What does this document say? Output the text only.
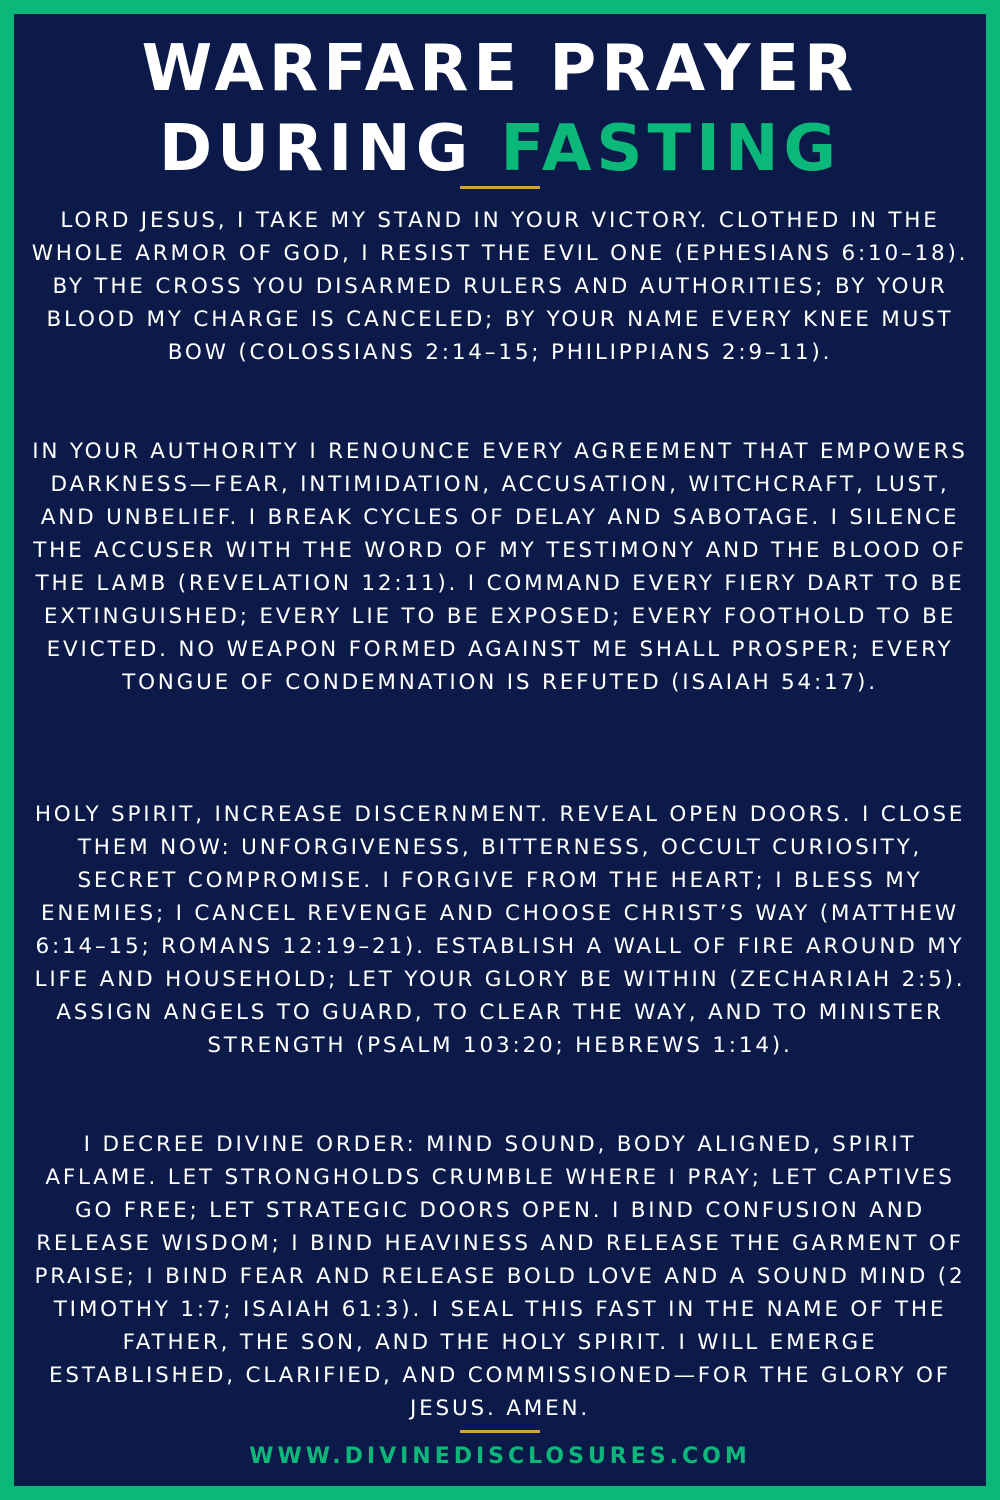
WARFARE PRAYER
DURING FASTING

LORD JESUS, I TAKE MY STAND IN YOUR VICTORY. CLOTHED IN THE WHOLE ARMOR OF GOD, I RESIST THE EVIL ONE (EPHESIANS 6:10–18). BY THE CROSS YOU DISARMED RULERS AND AUTHORITIES; BY YOUR BLOOD MY CHARGE IS CANCELED; BY YOUR NAME EVERY KNEE MUST BOW (COLOSSIANS 2:14–15; PHILIPPIANS 2:9–11).

IN YOUR AUTHORITY I RENOUNCE EVERY AGREEMENT THAT EMPOWERS DARKNESS—FEAR, INTIMIDATION, ACCUSATION, WITCHCRAFT, LUST, AND UNBELIEF. I BREAK CYCLES OF DELAY AND SABOTAGE. I SILENCE THE ACCUSER WITH THE WORD OF MY TESTIMONY AND THE BLOOD OF THE LAMB (REVELATION 12:11). I COMMAND EVERY FIERY DART TO BE EXTINGUISHED; EVERY LIE TO BE EXPOSED; EVERY FOOTHOLD TO BE EVICTED. NO WEAPON FORMED AGAINST ME SHALL PROSPER; EVERY TONGUE OF CONDEMNATION IS REFUTED (ISAIAH 54:17).

HOLY SPIRIT, INCREASE DISCERNMENT. REVEAL OPEN DOORS. I CLOSE THEM NOW: UNFORGIVENESS, BITTERNESS, OCCULT CURIOSITY, SECRET COMPROMISE. I FORGIVE FROM THE HEART; I BLESS MY ENEMIES; I CANCEL REVENGE AND CHOOSE CHRIST’S WAY (MATTHEW 6:14–15; ROMANS 12:19–21). ESTABLISH A WALL OF FIRE AROUND MY LIFE AND HOUSEHOLD; LET YOUR GLORY BE WITHIN (ZECHARIAH 2:5). ASSIGN ANGELS TO GUARD, TO CLEAR THE WAY, AND TO MINISTER STRENGTH (PSALM 103:20; HEBREWS 1:14).

I DECREE DIVINE ORDER: MIND SOUND, BODY ALIGNED, SPIRIT AFLAME. LET STRONGHOLDS CRUMBLE WHERE I PRAY; LET CAPTIVES GO FREE; LET STRATEGIC DOORS OPEN. I BIND CONFUSION AND RELEASE WISDOM; I BIND HEAVINESS AND RELEASE THE GARMENT OF PRAISE; I BIND FEAR AND RELEASE BOLD LOVE AND A SOUND MIND (2 TIMOTHY 1:7; ISAIAH 61:3). I SEAL THIS FAST IN THE NAME OF THE FATHER, THE SON, AND THE HOLY SPIRIT. I WILL EMERGE ESTABLISHED, CLARIFIED, AND COMMISSIONED—FOR THE GLORY OF JESUS. AMEN.

WWW.DIVINEDISCLOSURES.COM
